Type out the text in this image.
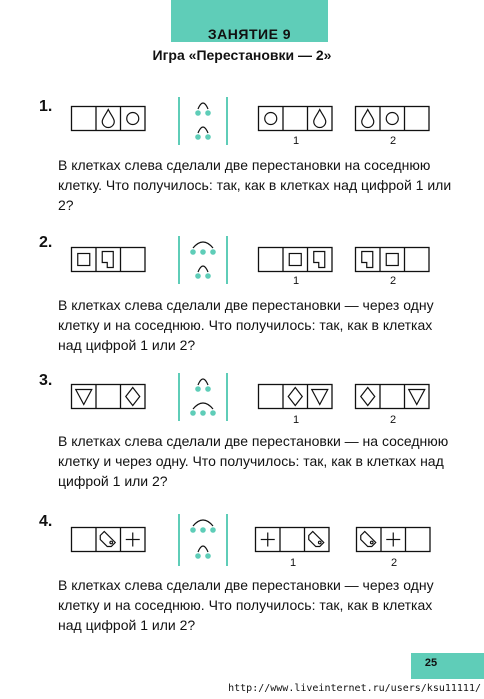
ЗАНЯТИЕ 9
Игра «Перестановки — 2»
1.
1	2
В клетках слева сделали две перестановки на соседнюю клетку. Что получилось: так, как в клетках над цифрой 1 или 2?
2.
1	2
В клетках слева сделали две перестановки — через одну клетку и на соседнюю. Что получилось: так, как в клетках над цифрой 1 или 2?
3.
1	2
В клетках слева сделали две перестановки — на соседнюю клетку и через одну. Что получилось: так, как в клетках над цифрой 1 или 2?
4.
1	2
В клетках слева сделали две перестановки — через одну клетку и на соседнюю. Что получилось: так, как в клетках над цифрой 1 или 2?
25
http://www.liveinternet.ru/users/ksu11111/
